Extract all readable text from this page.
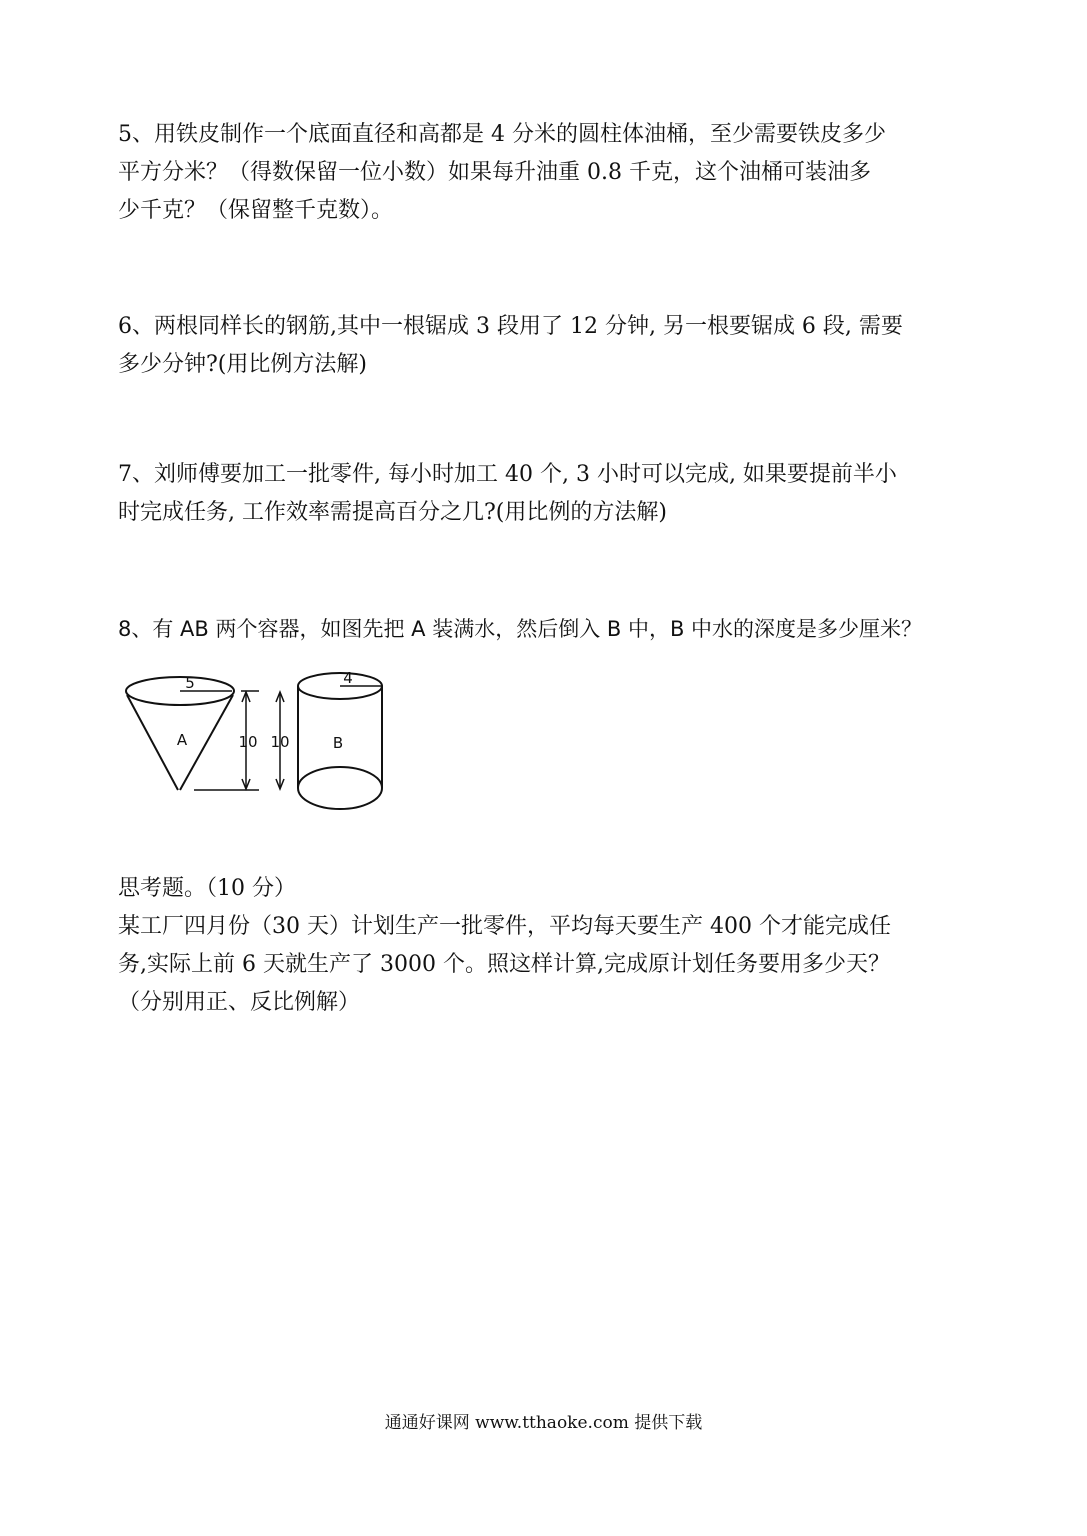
5、用铁皮制作一个底面直径和高都是 4 分米的圆柱体油桶，至少需要铁皮多少
平方分米？（得数保留一位小数）如果每升油重 0.8 千克，这个油桶可装油多
少千克？（保留整千克数）。
6、两根同样长的钢筋,其中一根锯成 3 段用了 12 分钟, 另一根要锯成 6 段, 需要
多少分钟?(用比例方法解)
7、刘师傅要加工一批零件, 每小时加工 40 个, 3 小时可以完成, 如果要提前半小
时完成任务, 工作效率需提高百分之几?(用比例的方法解)
8、有 AB 两个容器，如图先把 A 装满水，然后倒入 B 中，B 中水的深度是多少厘米？
5
A	10 10
4
B
思考题。（10 分）
某工厂四月份（30 天）计划生产一批零件，平均每天要生产 400 个才能完成任
务,实际上前 6 天就生产了 3000 个。照这样计算,完成原计划任务要用多少天？
（分别用正、反比例解）
通通好课网 www.tthaoke.com 提供下载
